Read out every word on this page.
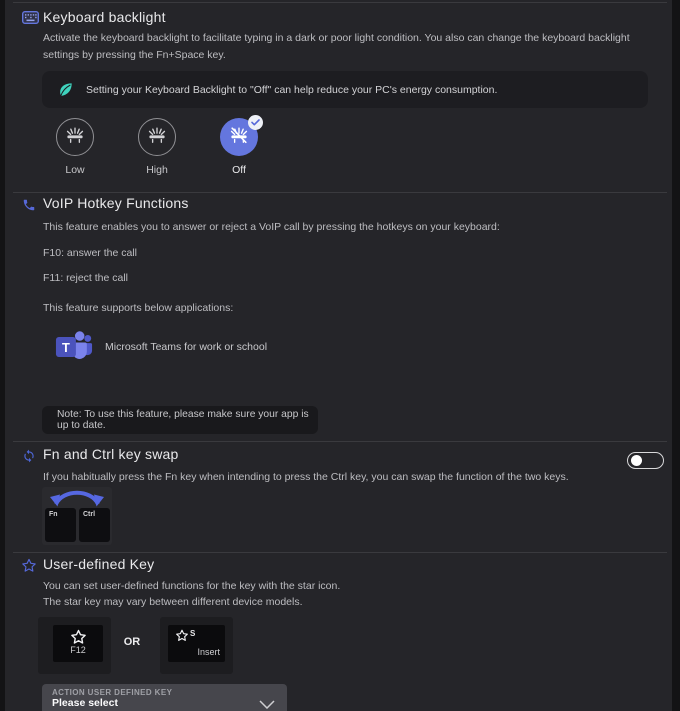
Keyboard backlight
Activate the keyboard backlight to facilitate typing in a dark or poor light condition. You also can change the keyboard backlight settings by pressing the Fn+Space key.
Setting your Keyboard Backlight to "Off" can help reduce your PC's energy consumption.
Low	High	Off
VoIP Hotkey Functions
This feature enables you to answer or reject a VoIP call by pressing the hotkeys on your keyboard:
F10: answer the call
F11: reject the call
This feature supports below applications:
T	Microsoft Teams for work or school
Note: To use this feature, please make sure your app is up to date.
Fn and Ctrl key swap
If you habitually press the Fn key when intending to press the Ctrl key, you can swap the function of the two keys.
Fn	Ctrl
User-defined Key
You can set user-defined functions for the key with the star icon.
The star key may vary between different device models.
F12
OR
S
Insert
ACTION USER DEFINED KEY
Please select
